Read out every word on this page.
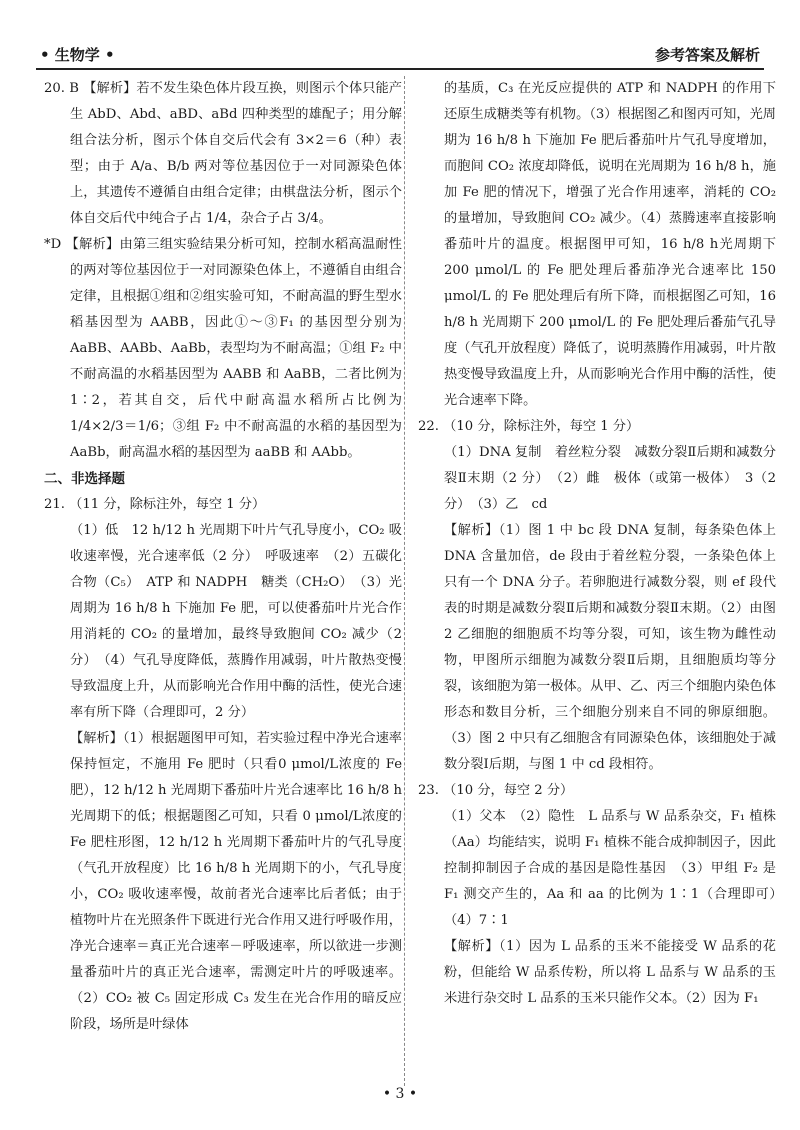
• 生物学 •	参考答案及解析

20. B 【解析】若不发生染色体片段互换，则图示个体只能产生 AbD、Abd、aBD、aBd 四种类型的雄配子；用分解组合法分析，图示个体自交后代会有 3×2＝6（种）表型；由于 A/a、B/b 两对等位基因位于一对同源染色体上，其遗传不遵循自由组合定律；由棋盘法分析，图示个体自交后代中纯合子占 1/4，杂合子占 3/4。

*D 【解析】由第三组实验结果分析可知，控制水稻高温耐性的两对等位基因位于一对同源染色体上，不遵循自由组合定律，且根据①组和②组实验可知，不耐高温的野生型水稻基因型为 AABB，因此①～③F₁ 的基因型分别为 AaBB、AABb、AaBb，表型均为不耐高温；①组 F₂ 中不耐高温的水稻基因型为 AABB 和 AaBB，二者比例为 1∶2，若其自交，后代中耐高温水稻所占比例为 1/4×2/3＝1/6；③组 F₂ 中不耐高温的水稻的基因型为 AaBb，耐高温水稻的基因型为 aaBB 和 AAbb。

二、非选择题

21. （11 分，除标注外，每空 1 分）

（1）低　12 h/12 h 光周期下叶片气孔导度小，CO₂ 吸收速率慢，光合速率低（2 分）　呼吸速率　（2）五碳化合物（C₅）　ATP 和 NADPH　糖类（CH₂O）　（3）光周期为 16 h/8 h 下施加 Fe 肥，可以使番茄叶片光合作用消耗的 CO₂ 的量增加，最终导致胞间 CO₂ 减少（2 分）　（4）气孔导度降低，蒸腾作用减弱，叶片散热变慢导致温度上升，从而影响光合作用中酶的活性，使光合速率有所下降（合理即可，2 分）

【解析】（1）根据题图甲可知，若实验过程中净光合速率保持恒定，不施用 Fe 肥时（只看0 μmol/L浓度的 Fe 肥），12 h/12 h 光周期下番茄叶片光合速率比 16 h/8 h 光周期下的低；根据题图乙可知，只看 0 μmol/L浓度的 Fe 肥柱形图，12 h/12 h 光周期下番茄叶片的气孔导度（气孔开放程度）比 16 h/8 h 光周期下的小，气孔导度小，CO₂ 吸收速率慢，故前者光合速率比后者低；由于植物叶片在光照条件下既进行光合作用又进行呼吸作用，净光合速率＝真正光合速率－呼吸速率，所以欲进一步测量番茄叶片的真正光合速率，需测定叶片的呼吸速率。（2）CO₂ 被 C₅ 固定形成 C₃ 发生在光合作用的暗反应阶段，场所是叶绿体

的基质，C₃ 在光反应提供的 ATP 和 NADPH 的作用下还原生成糖类等有机物。（3）根据图乙和图丙可知，光周期为 16 h/8 h 下施加 Fe 肥后番茄叶片气孔导度增加，而胞间 CO₂ 浓度却降低，说明在光周期为 16 h/8 h，施加 Fe 肥的情况下，增强了光合作用速率，消耗的 CO₂ 的量增加，导致胞间 CO₂ 减少。（4）蒸腾速率直接影响番茄叶片的温度。根据图甲可知，16 h/8 h光周期下 200 μmol/L 的 Fe 肥处理后番茄净光合速率比 150 μmol/L 的 Fe 肥处理后有所下降，而根据图乙可知，16 h/8 h 光周期下 200 μmol/L 的 Fe 肥处理后番茄气孔导度（气孔开放程度）降低了，说明蒸腾作用减弱，叶片散热变慢导致温度上升，从而影响光合作用中酶的活性，使光合速率下降。

22. （10 分，除标注外，每空 1 分）

（1）DNA 复制　着丝粒分裂　减数分裂Ⅱ后期和减数分裂Ⅱ末期（2 分）　（2）雌　极体（或第一极体）　3（2 分）　（3）乙　cd

【解析】（1）图 1 中 bc 段 DNA 复制，每条染色体上 DNA 含量加倍，de 段由于着丝粒分裂，一条染色体上只有一个 DNA 分子。若卵胞进行减数分裂，则 ef 段代表的时期是减数分裂Ⅱ后期和减数分裂Ⅱ末期。（2）由图 2 乙细胞的细胞质不均等分裂，可知，该生物为雌性动物，甲图所示细胞为减数分裂Ⅱ后期，且细胞质均等分裂，该细胞为第一极体。从甲、乙、丙三个细胞内染色体形态和数目分析，三个细胞分别来自不同的卵原细胞。（3）图 2 中只有乙细胞含有同源染色体，该细胞处于减数分裂Ⅰ后期，与图 1 中 cd 段相符。

23. （10 分，每空 2 分）

（1）父本　（2）隐性　L 品系与 W 品系杂交，F₁ 植株（Aa）均能结实，说明 F₁ 植株不能合成抑制因子，因此控制抑制因子合成的基因是隐性基因　（3）甲组 F₂ 是 F₁ 测交产生的，Aa 和 aa 的比例为 1∶1（合理即可）　（4）7∶1

【解析】（1）因为 L 品系的玉米不能接受 W 品系的花粉，但能给 W 品系传粉，所以将 L 品系与 W 品系的玉米进行杂交时 L 品系的玉米只能作父本。（2）因为 F₁

• 3 •
